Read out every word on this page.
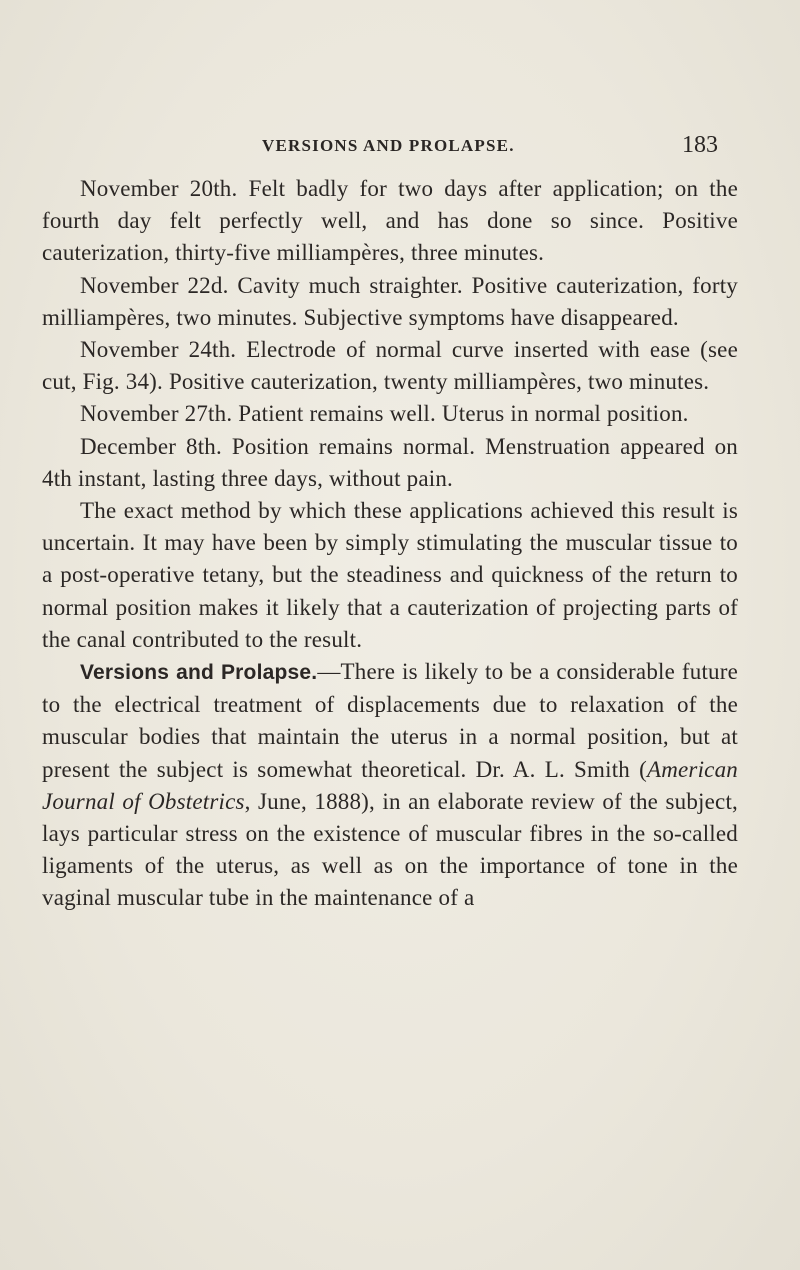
VERSIONS AND PROLAPSE.	183

November 20th. Felt badly for two days after application; on the fourth day felt perfectly well, and has done so since. Positive cauterization, thirty-five milliampères, three minutes.

November 22d. Cavity much straighter. Positive cauterization, forty milliampères, two minutes. Subjective symptoms have disappeared.

November 24th. Electrode of normal curve inserted with ease (see cut, Fig. 34). Positive cauterization, twenty milliampères, two minutes.

November 27th. Patient remains well. Uterus in normal position.

December 8th. Position remains normal. Menstruation appeared on 4th instant, lasting three days, without pain.

The exact method by which these applications achieved this result is uncertain. It may have been by simply stimulating the muscular tissue to a post-operative tetany, but the steadiness and quickness of the return to normal position makes it likely that a cauterization of projecting parts of the canal contributed to the result.

Versions and Prolapse.—There is likely to be a considerable future to the electrical treatment of displacements due to relaxation of the muscular bodies that maintain the uterus in a normal position, but at present the subject is somewhat theoretical. Dr. A. L. Smith (American Journal of Obstetrics, June, 1888), in an elaborate review of the subject, lays particular stress on the existence of muscular fibres in the so-called ligaments of the uterus, as well as on the importance of tone in the vaginal muscular tube in the maintenance of a
